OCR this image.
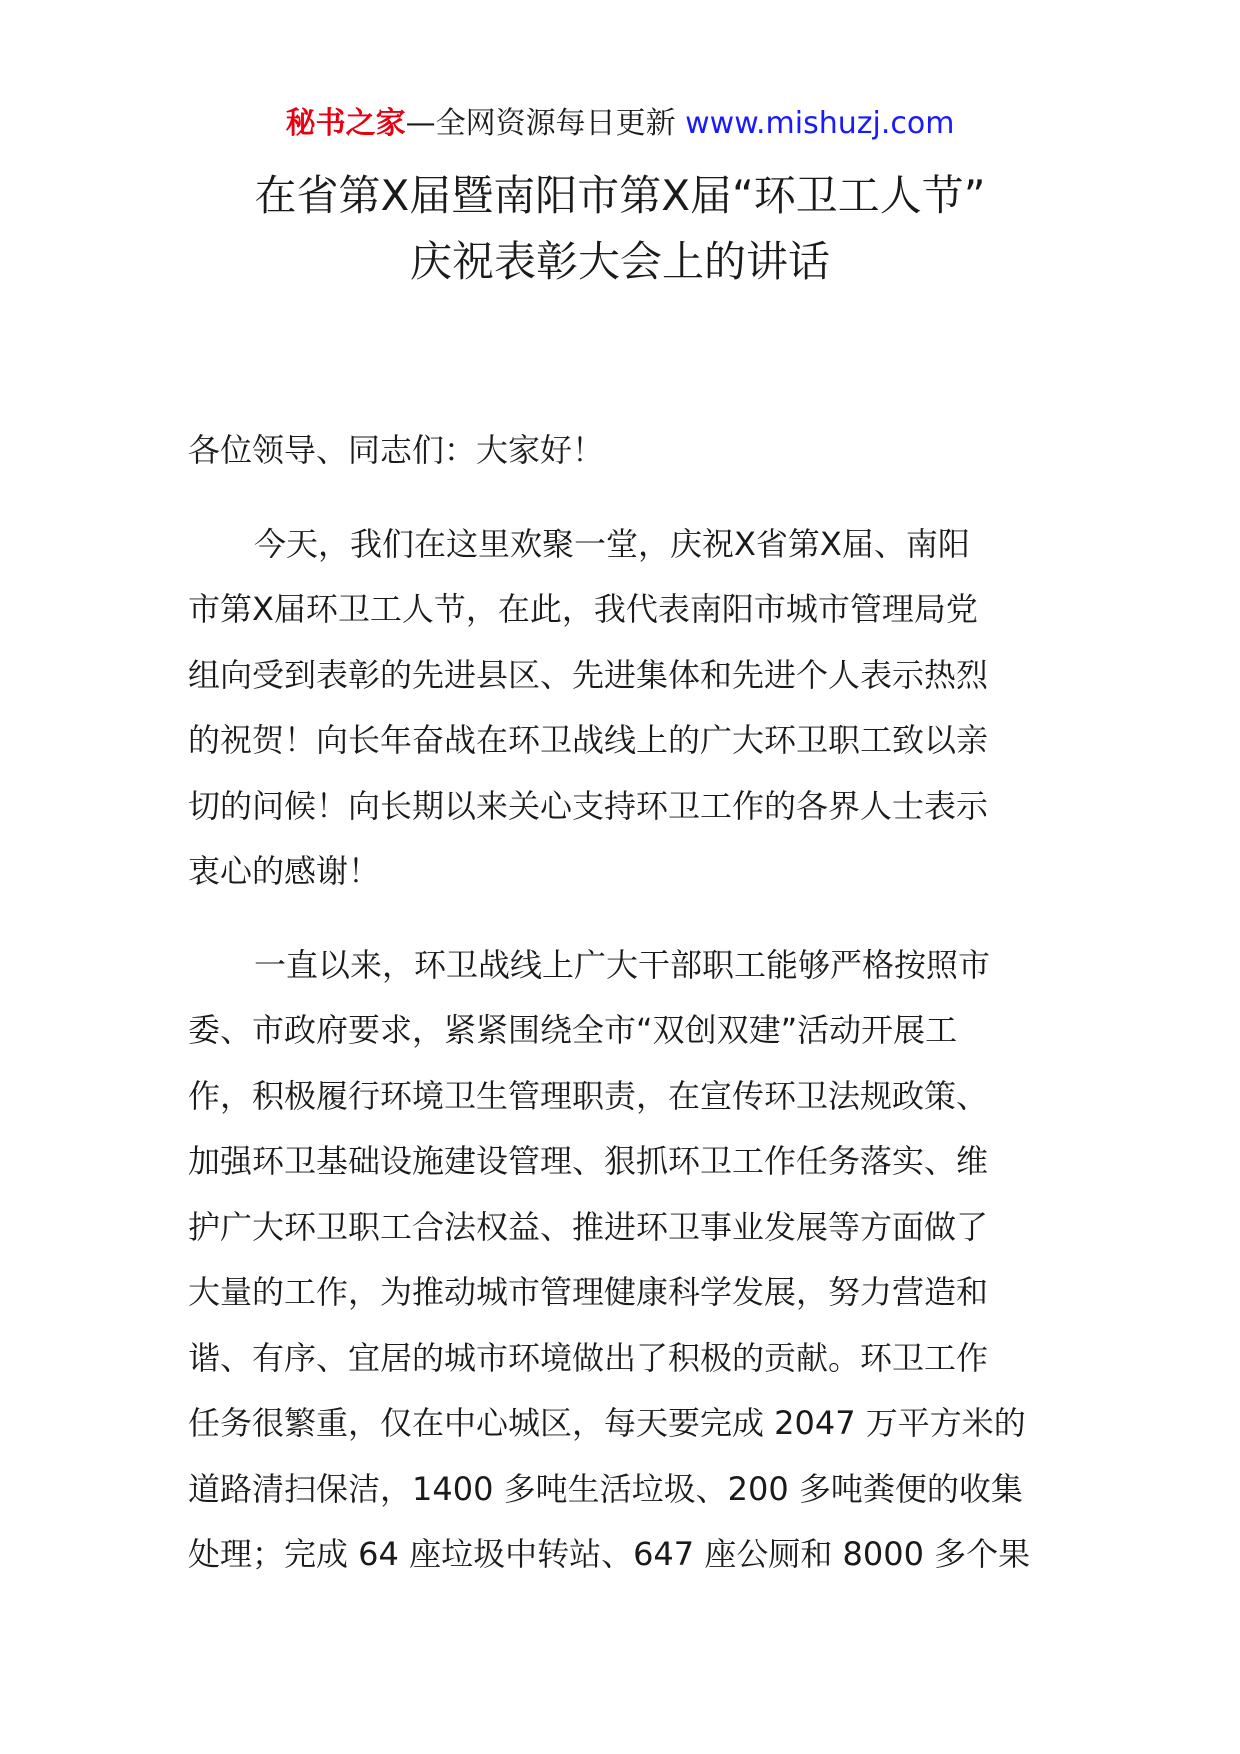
秘书之家—全网资源每日更新 www.mishuzj.com
在省第Ⅹ届暨南阳市第Ⅹ届“环卫工人节”
庆祝表彰大会上的讲话
各位领导、同志们：大家好！
今天，我们在这里欢聚一堂，庆祝Ⅹ省第Ⅹ届、南阳
市第Ⅹ届环卫工人节，在此，我代表南阳市城市管理局党
组向受到表彰的先进县区、先进集体和先进个人表示热烈
的祝贺！向长年奋战在环卫战线上的广大环卫职工致以亲
切的问候！向长期以来关心支持环卫工作的各界人士表示
衷心的感谢！
一直以来，环卫战线上广大干部职工能够严格按照市
委、市政府要求，紧紧围绕全市“双创双建”活动开展工
作，积极履行环境卫生管理职责，在宣传环卫法规政策、
加强环卫基础设施建设管理、狠抓环卫工作任务落实、维
护广大环卫职工合法权益、推进环卫事业发展等方面做了
大量的工作，为推动城市管理健康科学发展，努力营造和
谐、有序、宜居的城市环境做出了积极的贡献。环卫工作
任务很繁重，仅在中心城区，每天要完成 2047 万平方米的
道路清扫保洁，1400 多吨生活垃圾、200 多吨粪便的收集
处理；完成 64 座垃圾中转站、647 座公厕和 8000 多个果
